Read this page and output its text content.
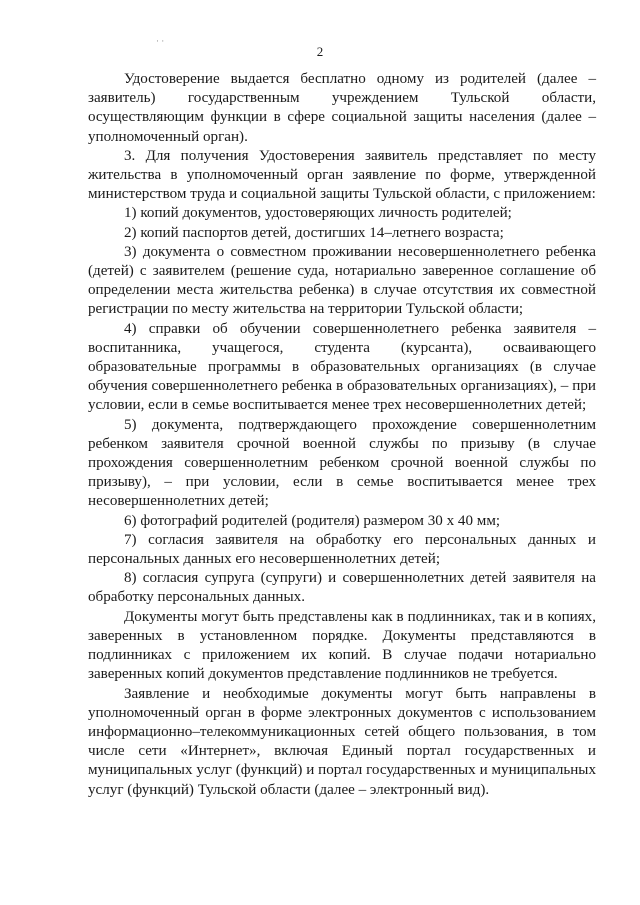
· ·
2

Удостоверение выдается бесплатно одному из родителей (далее – заявитель) государственным учреждением Тульской области, осуществляющим функции в сфере социальной защиты населения (далее – уполномоченный орган).

3. Для получения Удостоверения заявитель представляет по месту жительства в уполномоченный орган заявление по форме, утвержденной министерством труда и социальной защиты Тульской области, с приложением:

1) копий документов, удостоверяющих личность родителей;

2) копий паспортов детей, достигших 14–летнего возраста;

3) документа о совместном проживании несовершеннолетнего ребенка (детей) с заявителем (решение суда, нотариально заверенное соглашение об определении места жительства ребенка) в случае отсутствия их совместной регистрации по месту жительства на территории Тульской области;

4) справки об обучении совершеннолетнего ребенка заявителя – воспитанника, учащегося, студента (курсанта), осваивающего образовательные программы в образовательных организациях (в случае обучения совершеннолетнего ребенка в образовательных организациях), – при условии, если в семье воспитывается менее трех несовершеннолетних детей;

5) документа, подтверждающего прохождение совершеннолетним ребенком заявителя срочной военной службы по призыву (в случае прохождения совершеннолетним ребенком срочной военной службы по призыву), – при условии, если в семье воспитывается менее трех несовершеннолетних детей;

6) фотографий родителей (родителя) размером 30 х 40 мм;

7) согласия заявителя на обработку его персональных данных и персональных данных его несовершеннолетних детей;

8) согласия супруга (супруги) и совершеннолетних детей заявителя на обработку персональных данных.

Документы могут быть представлены как в подлинниках, так и в копиях, заверенных в установленном порядке. Документы представляются в подлинниках с приложением их копий. В случае подачи нотариально заверенных копий документов представление подлинников не требуется.

Заявление и необходимые документы могут быть направлены в уполномоченный орган в форме электронных документов с использованием информационно–телекоммуникационных сетей общего пользования, в том числе сети «Интернет», включая Единый портал государственных и муниципальных услуг (функций) и портал государственных и муниципальных услуг (функций) Тульской области (далее – электронный вид).
